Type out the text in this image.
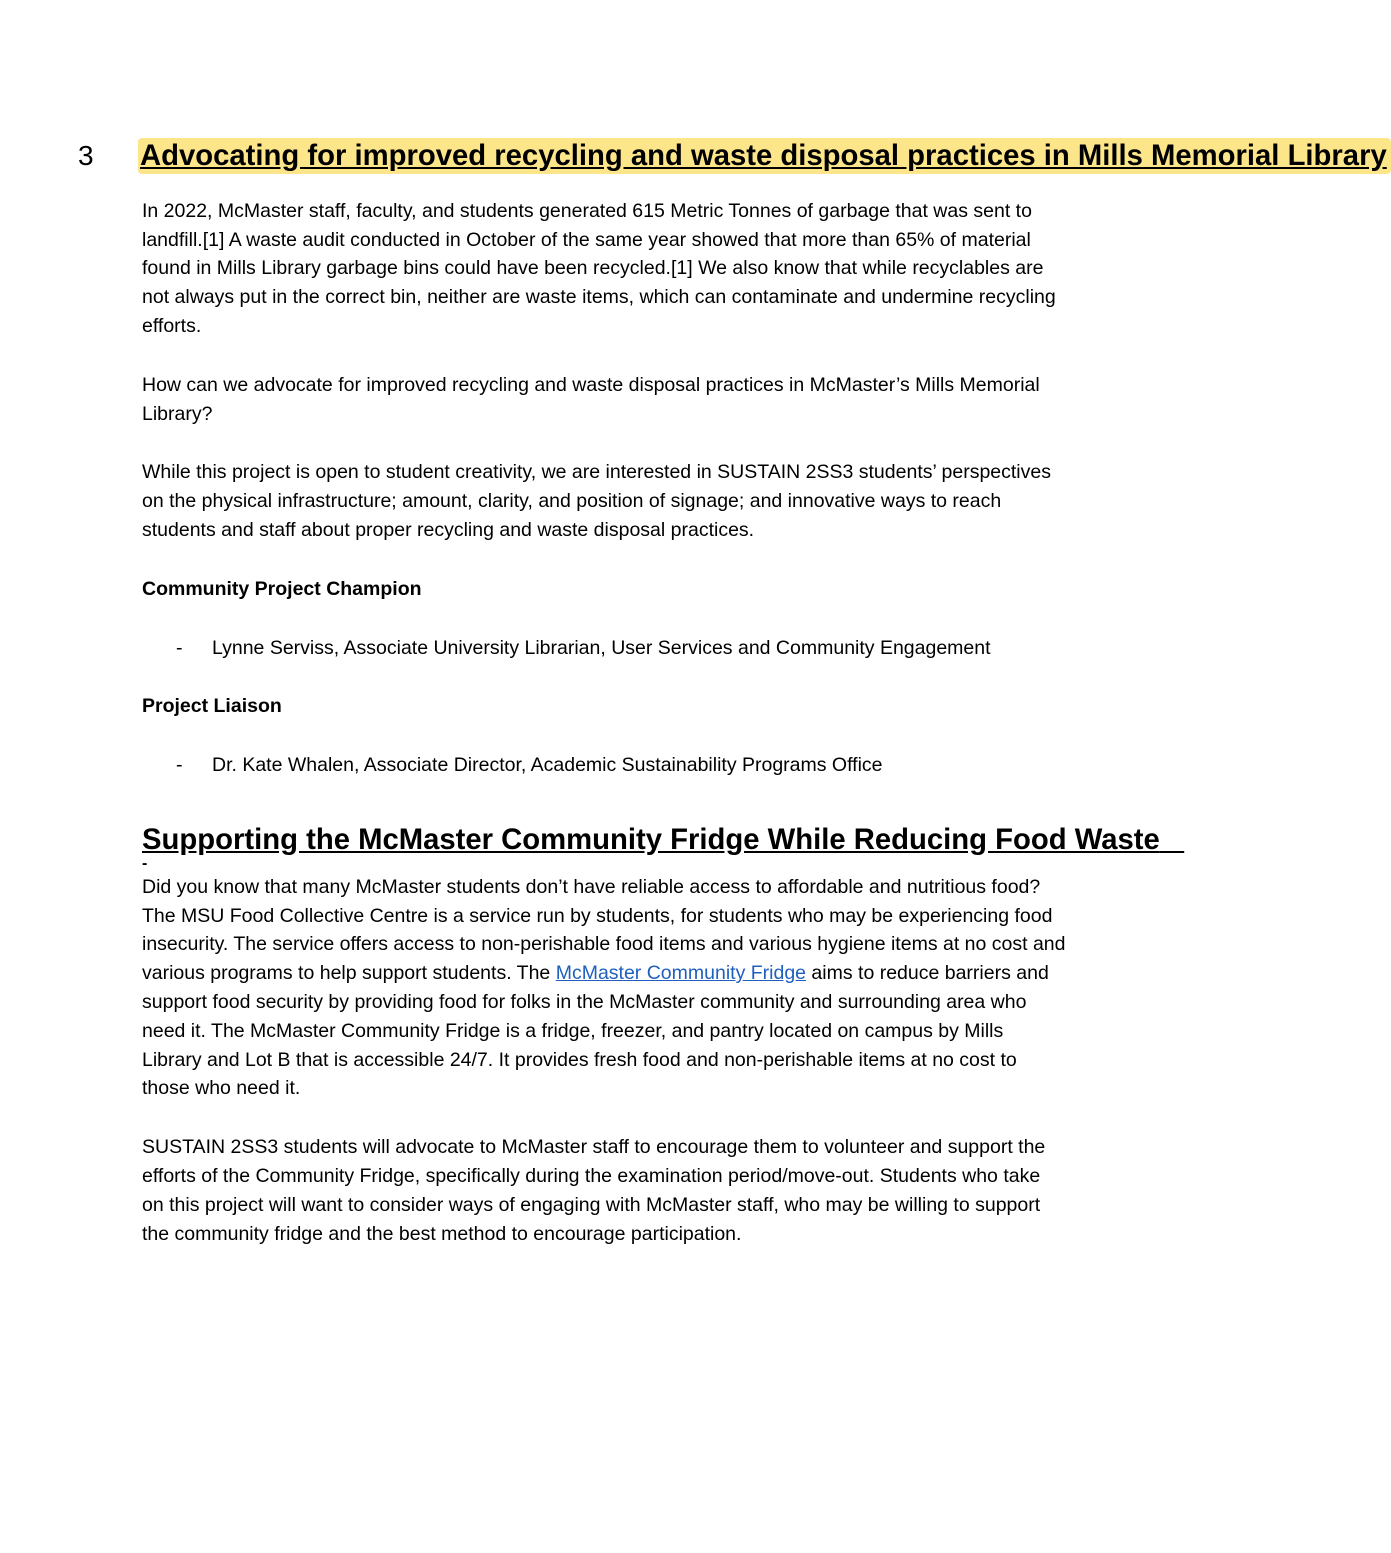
3 Advocating for improved recycling and waste disposal practices in Mills Memorial Library

In 2022, McMaster staff, faculty, and students generated 615 Metric Tonnes of garbage that was sent to landfill.[1] A waste audit conducted in October of the same year showed that more than 65% of material found in Mills Library garbage bins could have been recycled.[1] We also know that while recyclables are not always put in the correct bin, neither are waste items, which can contaminate and undermine recycling efforts.

How can we advocate for improved recycling and waste disposal practices in McMaster’s Mills Memorial Library?

While this project is open to student creativity, we are interested in SUSTAIN 2SS3 students’ perspectives on the physical infrastructure; amount, clarity, and position of signage; and innovative ways to reach students and staff about proper recycling and waste disposal practices.

Community Project Champion

-	Lynne Serviss, Associate University Librarian, User Services and Community Engagement

Project Liaison

-	Dr. Kate Whalen, Associate Director, Academic Sustainability Programs Office
Supporting the McMaster Community Fridge While Reducing Food Waste
-

Did you know that many McMaster students don’t have reliable access to affordable and nutritious food? The MSU Food Collective Centre is a service run by students, for students who may be experiencing food insecurity. The service offers access to non-perishable food items and various hygiene items at no cost and various programs to help support students. The McMaster Community Fridge aims to reduce barriers and support food security by providing food for folks in the McMaster community and surrounding area who need it. The McMaster Community Fridge is a fridge, freezer, and pantry located on campus by Mills Library and Lot B that is accessible 24/7. It provides fresh food and non-perishable items at no cost to those who need it.

SUSTAIN 2SS3 students will advocate to McMaster staff to encourage them to volunteer and support the efforts of the Community Fridge, specifically during the examination period/move-out. Students who take on this project will want to consider ways of engaging with McMaster staff, who may be willing to support the community fridge and the best method to encourage participation.
